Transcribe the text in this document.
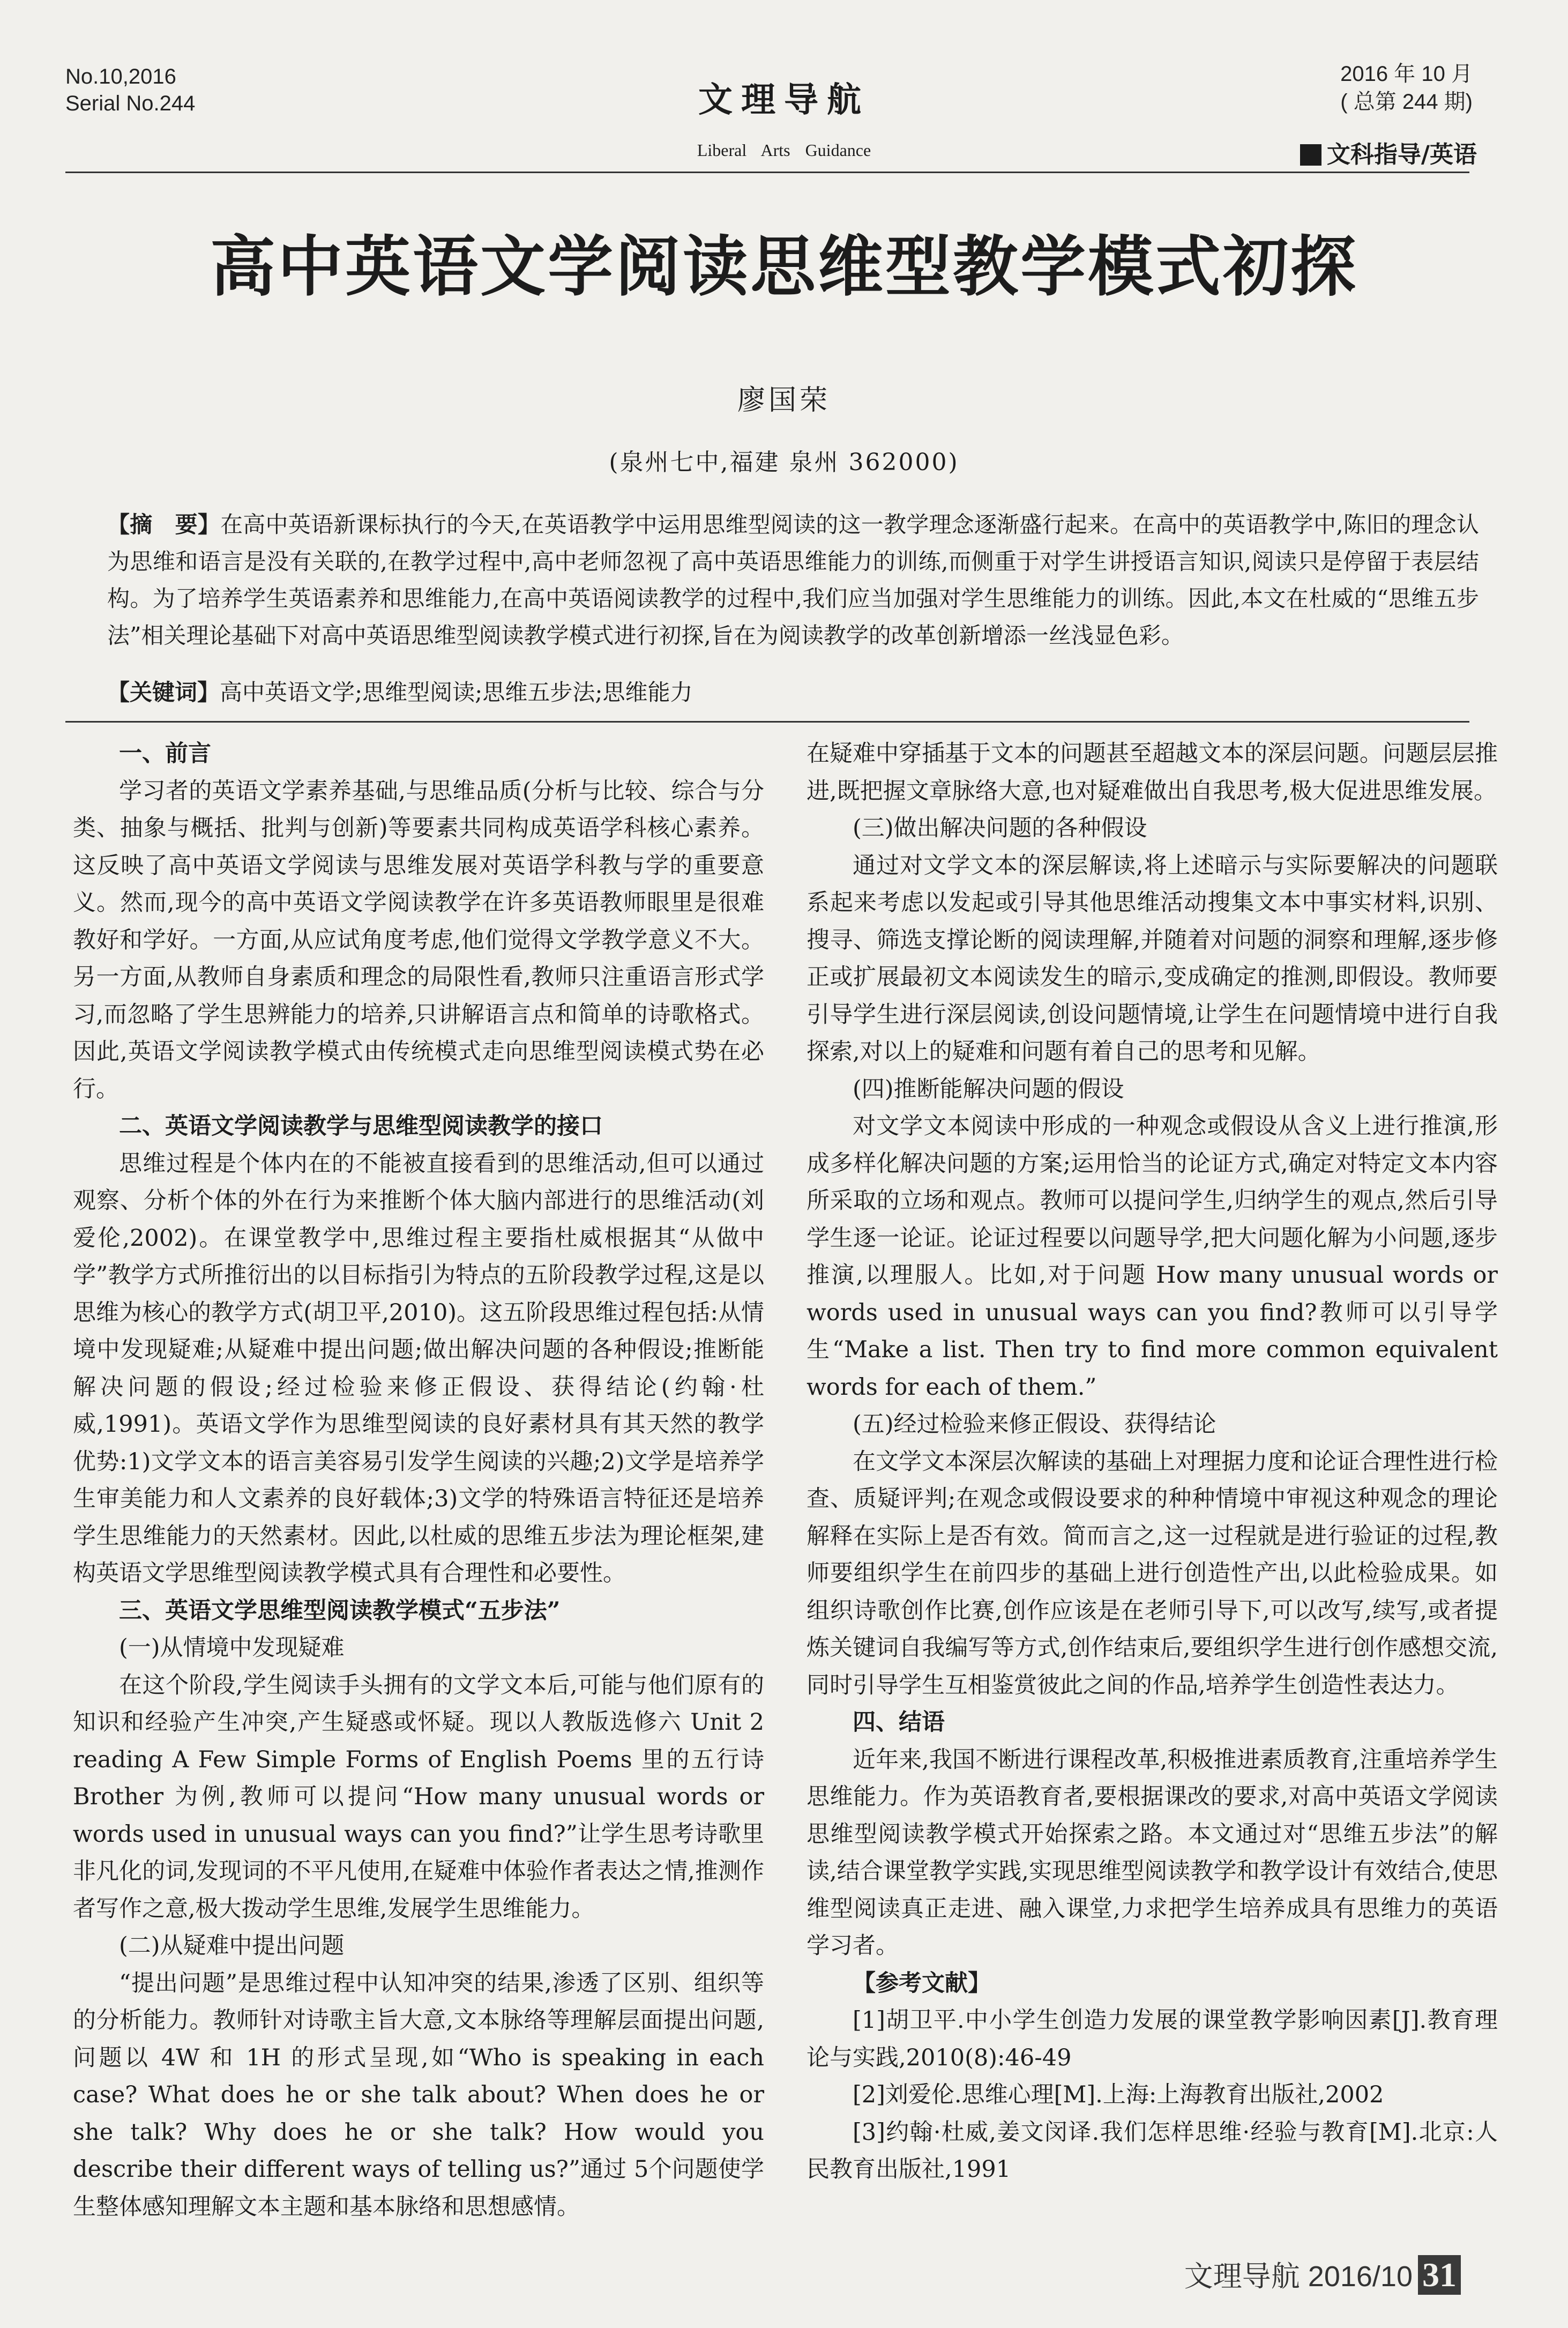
No.10,2016
Serial No.244	文理导航
2016 年 10 月
( 总第 244 期)
Liberal Arts Guidance	文科指导/英语
高中英语文学阅读思维型教学模式初探
廖国荣
(泉州七中,福建 泉州 362000)
【摘　要】在高中英语新课标执行的今天,在英语教学中运用思维型阅读的这一教学理念逐渐盛行起来。在高中的英语教学中,陈旧的理念认为思维和语言是没有关联的,在教学过程中,高中老师忽视了高中英语思维能力的训练,而侧重于对学生讲授语言知识,阅读只是停留于表层结构。为了培养学生英语素养和思维能力,在高中英语阅读教学的过程中,我们应当加强对学生思维能力的训练。因此,本文在杜威的“思维五步法”相关理论基础下对高中英语思维型阅读教学模式进行初探,旨在为阅读教学的改革创新增添一丝浅显色彩。
【关键词】高中英语文学;思维型阅读;思维五步法;思维能力
一、前言

学习者的英语文学素养基础,与思维品质(分析与比较、综合与分类、抽象与概括、批判与创新)等要素共同构成英语学科核心素养。这反映了高中英语文学阅读与思维发展对英语学科教与学的重要意义。然而,现今的高中英语文学阅读教学在许多英语教师眼里是很难教好和学好。一方面,从应试角度考虑,他们觉得文学教学意义不大。另一方面,从教师自身素质和理念的局限性看,教师只注重语言形式学习,而忽略了学生思辨能力的培养,只讲解语言点和简单的诗歌格式。因此,英语文学阅读教学模式由传统模式走向思维型阅读模式势在必行。

二、英语文学阅读教学与思维型阅读教学的接口

思维过程是个体内在的不能被直接看到的思维活动,但可以通过观察、分析个体的外在行为来推断个体大脑内部进行的思维活动(刘爱伦,2002)。在课堂教学中,思维过程主要指杜威根据其“从做中学”教学方式所推衍出的以目标指引为特点的五阶段教学过程,这是以思维为核心的教学方式(胡卫平,2010)。这五阶段思维过程包括:从情境中发现疑难;从疑难中提出问题;做出解决问题的各种假设;推断能解决问题的假设;经过检验来修正假设、获得结论(约翰·杜威,1991)。英语文学作为思维型阅读的良好素材具有其天然的教学优势:1)文学文本的语言美容易引发学生阅读的兴趣;2)文学是培养学生审美能力和人文素养的良好载体;3)文学的特殊语言特征还是培养学生思维能力的天然素材。因此,以杜威的思维五步法为理论框架,建构英语文学思维型阅读教学模式具有合理性和必要性。

三、英语文学思维型阅读教学模式“五步法”
(一)从情境中发现疑难

在这个阶段,学生阅读手头拥有的文学文本后,可能与他们原有的知识和经验产生冲突,产生疑惑或怀疑。现以人教版选修六 Unit 2 reading A Few Simple Forms of English Poems 里的五行诗 Brother 为例,教师可以提问“How many unusual words or words used in unusual ways can you find?”让学生思考诗歌里非凡化的词,发现词的不平凡使用,在疑难中体验作者表达之情,推测作者写作之意,极大拨动学生思维,发展学生思维能力。

(二)从疑难中提出问题

“提出问题”是思维过程中认知冲突的结果,渗透了区别、组织等的分析能力。教师针对诗歌主旨大意,文本脉络等理解层面提出问题,问题以 4W 和 1H 的形式呈现,如“Who is speaking in each case? What does he or she talk about? When does he or she talk? Why does he or she talk? How would you describe their different ways of telling us?”通过 5个问题使学生整体感知理解文本主题和基本脉络和思想感情。

在疑难中穿插基于文本的问题甚至超越文本的深层问题。问题层层推进,既把握文章脉络大意,也对疑难做出自我思考,极大促进思维发展。

(三)做出解决问题的各种假设

通过对文学文本的深层解读,将上述暗示与实际要解决的问题联系起来考虑以发起或引导其他思维活动搜集文本中事实材料,识别、搜寻、筛选支撑论断的阅读理解,并随着对问题的洞察和理解,逐步修正或扩展最初文本阅读发生的暗示,变成确定的推测,即假设。教师要引导学生进行深层阅读,创设问题情境,让学生在问题情境中进行自我探索,对以上的疑难和问题有着自己的思考和见解。

(四)推断能解决问题的假设

对文学文本阅读中形成的一种观念或假设从含义上进行推演,形成多样化解决问题的方案;运用恰当的论证方式,确定对特定文本内容所采取的立场和观点。教师可以提问学生,归纳学生的观点,然后引导学生逐一论证。论证过程要以问题导学,把大问题化解为小问题,逐步推演,以理服人。比如,对于问题 How many unusual words or words used in unusual ways can you find?教师可以引导学生“Make a list. Then try to find more common equivalent words for each of them.”

(五)经过检验来修正假设、获得结论

在文学文本深层次解读的基础上对理据力度和论证合理性进行检查、质疑评判;在观念或假设要求的种种情境中审视这种观念的理论解释在实际上是否有效。简而言之,这一过程就是进行验证的过程,教师要组织学生在前四步的基础上进行创造性产出,以此检验成果。如组织诗歌创作比赛,创作应该是在老师引导下,可以改写,续写,或者提炼关键词自我编写等方式,创作结束后,要组织学生进行创作感想交流,同时引导学生互相鉴赏彼此之间的作品,培养学生创造性表达力。

四、结语

近年来,我国不断进行课程改革,积极推进素质教育,注重培养学生思维能力。作为英语教育者,要根据课改的要求,对高中英语文学阅读思维型阅读教学模式开始探索之路。本文通过对“思维五步法”的解读,结合课堂教学实践,实现思维型阅读教学和教学设计有效结合,使思维型阅读真正走进、融入课堂,力求把学生培养成具有思维力的英语学习者。

【参考文献】
[1]胡卫平.中小学生创造力发展的课堂教学影响因素[J].教育理论与实践,2010(8):46-49
[2]刘爱伦.思维心理[M].上海:上海教育出版社,2002
[3]约翰·杜威,姜文闵译.我们怎样思维·经验与教育[M].北京:人民教育出版社,1991
文理导航 2016/10 31
